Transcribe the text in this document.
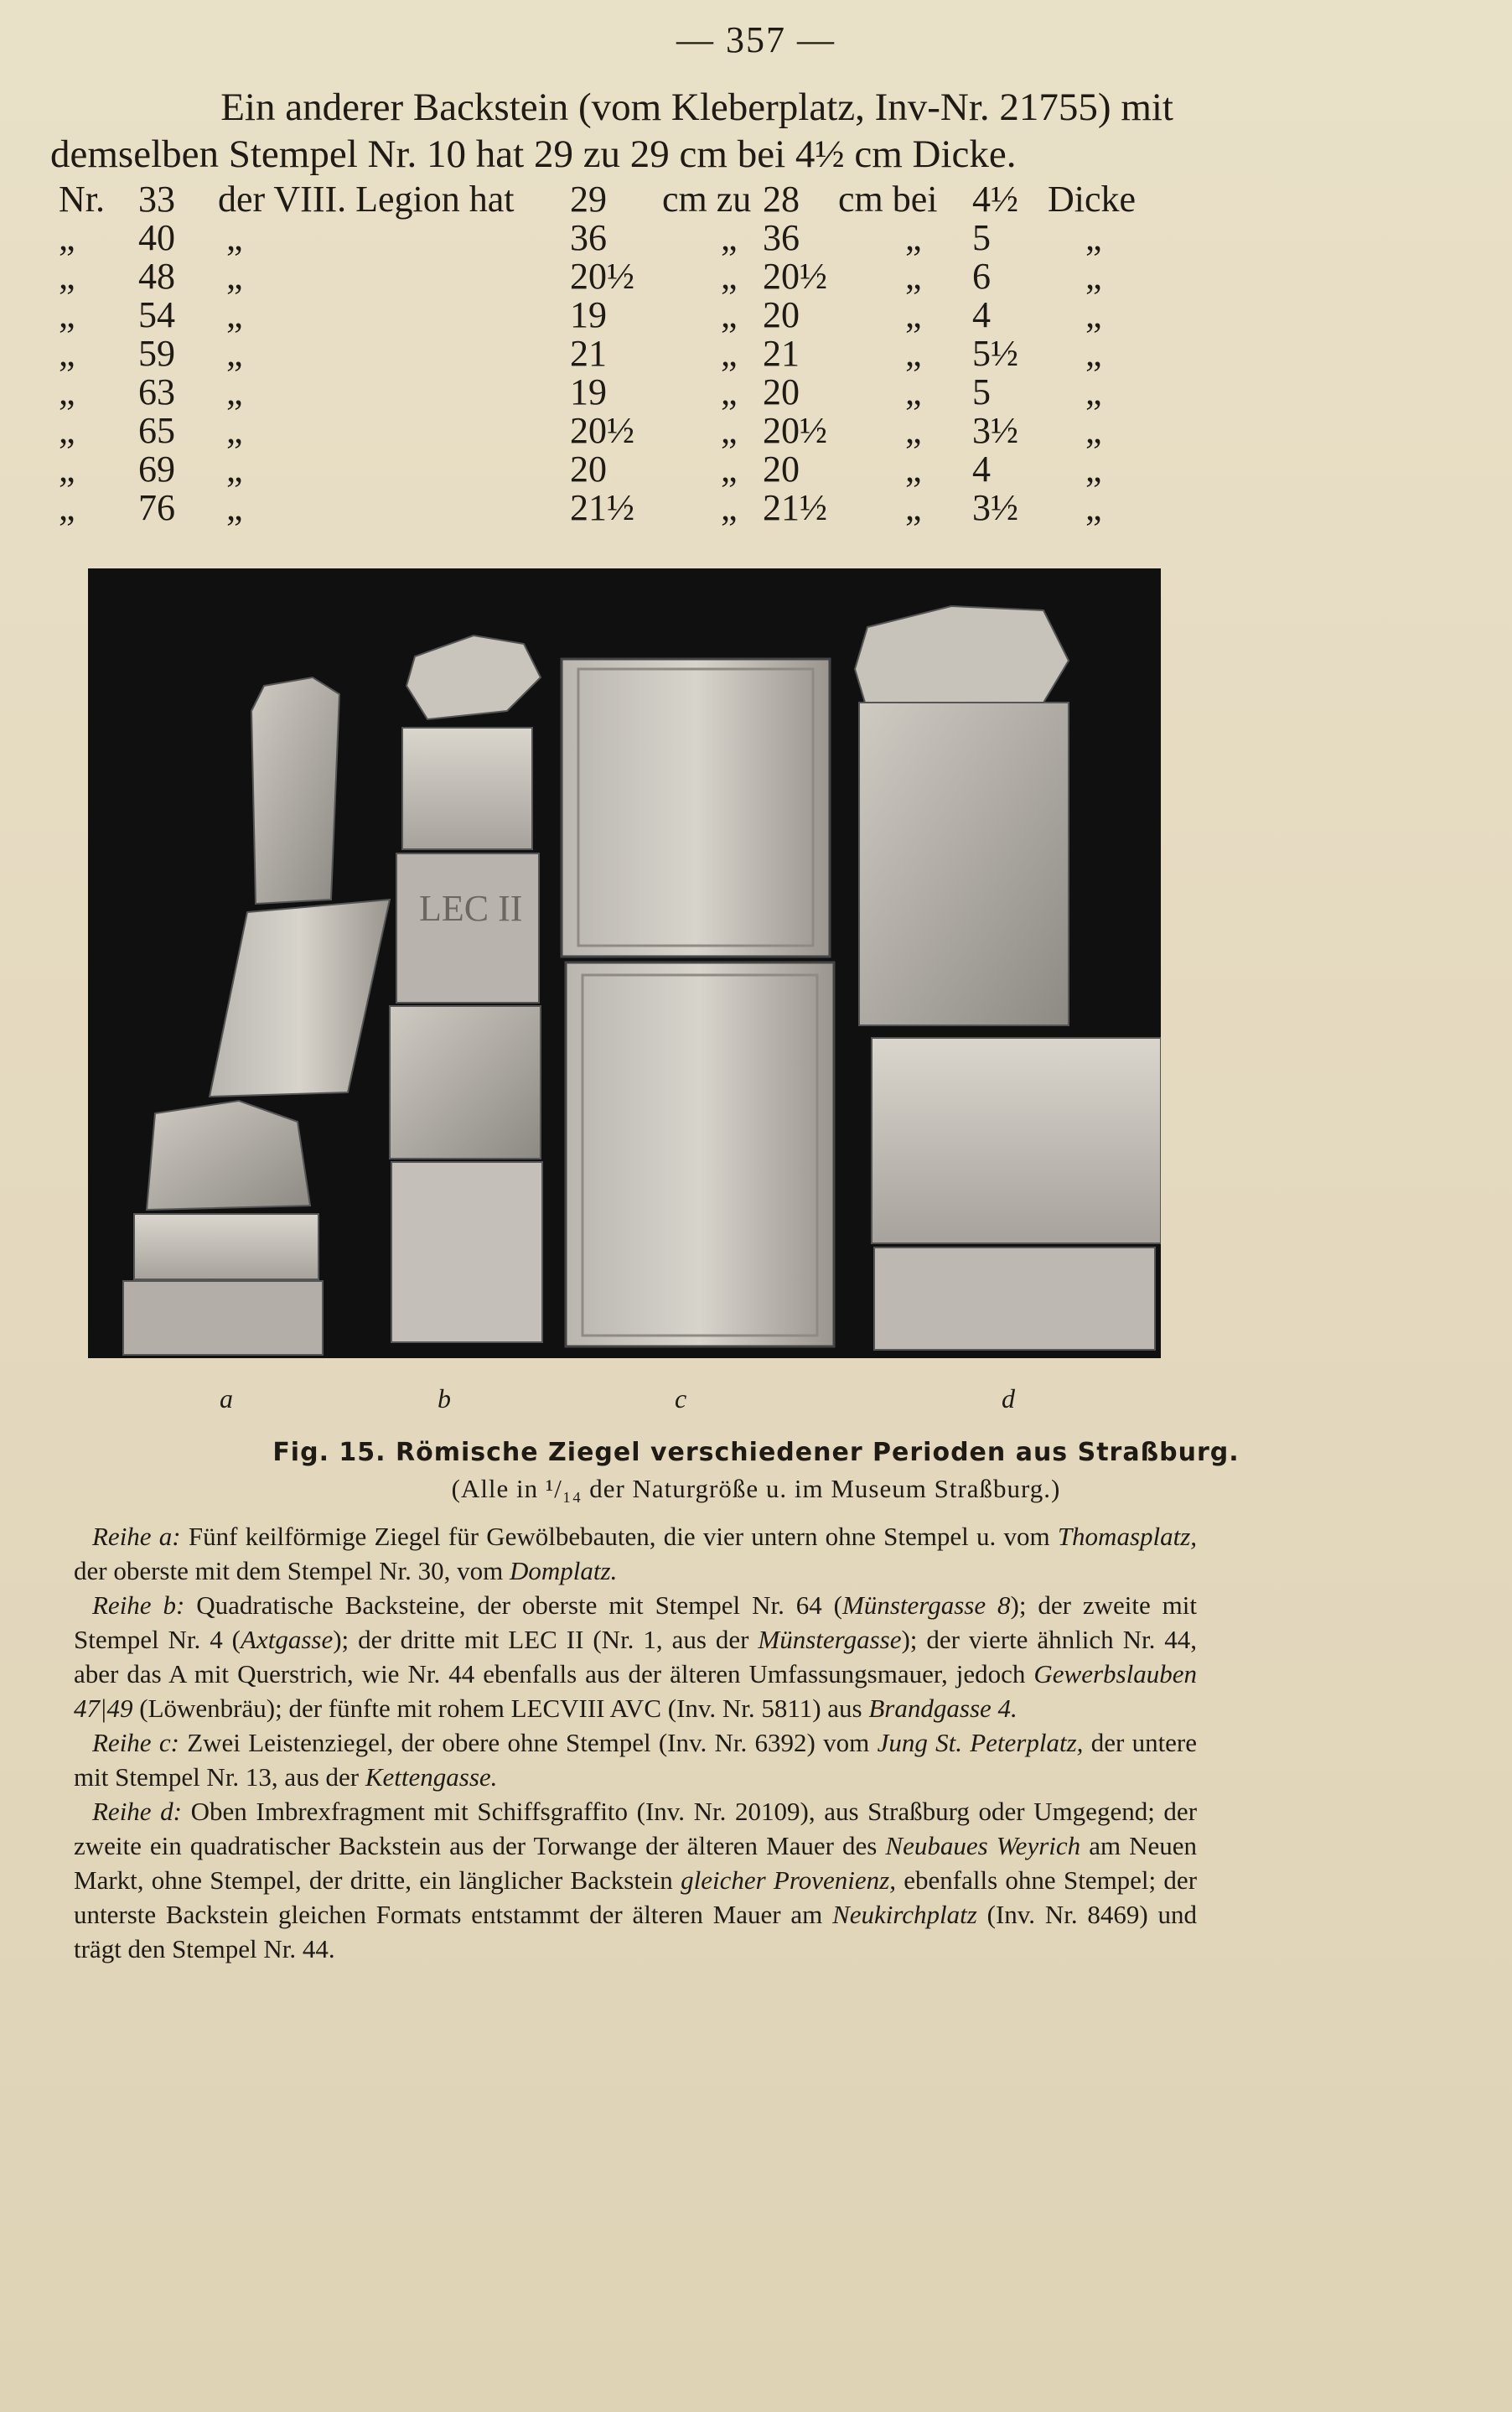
— 357 —
Ein anderer Backstein (vom Kleberplatz, Inv-Nr. 21755) mit
demselben Stempel Nr. 10 hat 29 zu 29 cm bei 4½ cm Dicke.
Nr. 33 der VIII. Legion hat 29 cm zu 28 cm bei 4½ Dicke
„ 40 „	36	„ 36	„ 5	„
„ 48 „	20½ „ 20½ „ 6	„
„ 54 „	19	„ 20	„ 4	„
„ 59 „	21	„ 21	„ 5½ „
„ 63 „	19	„ 20	„ 5	„
„ 65 „	20½ „ 20½ „ 3½ „
„ 69 „	20	„ 20	„ 4	„
„ 76 „	21½ „ 21½ „ 3½ „
LEC II
a	b	c	d
Fig. 15. Römische Ziegel verschiedener Perioden aus Straßburg.
(Alle in ¹/₁₄ der Naturgröße u. im Museum Straßburg.)

Reihe a: Fünf keilförmige Ziegel für Gewölbebauten, die vier untern ohne Stempel u. vom Thomasplatz, der oberste mit dem Stempel Nr. 30, vom Domplatz.

Reihe b: Quadratische Backsteine, der oberste mit Stempel Nr. 64 (Münstergasse 8); der zweite mit Stempel Nr. 4 (Axtgasse); der dritte mit LEC II (Nr. 1, aus der Münstergasse); der vierte ähnlich Nr. 44, aber das A mit Querstrich, wie Nr. 44 ebenfalls aus der älteren Umfassungsmauer, jedoch Gewerbslauben 47|49 (Löwenbräu); der fünfte mit rohem LECVIII AVC (Inv. Nr. 5811) aus Brandgasse 4.

Reihe c: Zwei Leistenziegel, der obere ohne Stempel (Inv. Nr. 6392) vom Jung St. Peterplatz, der untere mit Stempel Nr. 13, aus der Kettengasse.

Reihe d: Oben Imbrexfragment mit Schiffsgraffito (Inv. Nr. 20109), aus Straßburg oder Umgegend; der zweite ein quadratischer Backstein aus der Torwange der älteren Mauer des Neubaues Weyrich am Neuen Markt, ohne Stempel, der dritte, ein länglicher Backstein gleicher Provenienz, ebenfalls ohne Stempel; der unterste Backstein gleichen Formats entstammt der älteren Mauer am Neukirchplatz (Inv. Nr. 8469) und trägt den Stempel Nr. 44.
